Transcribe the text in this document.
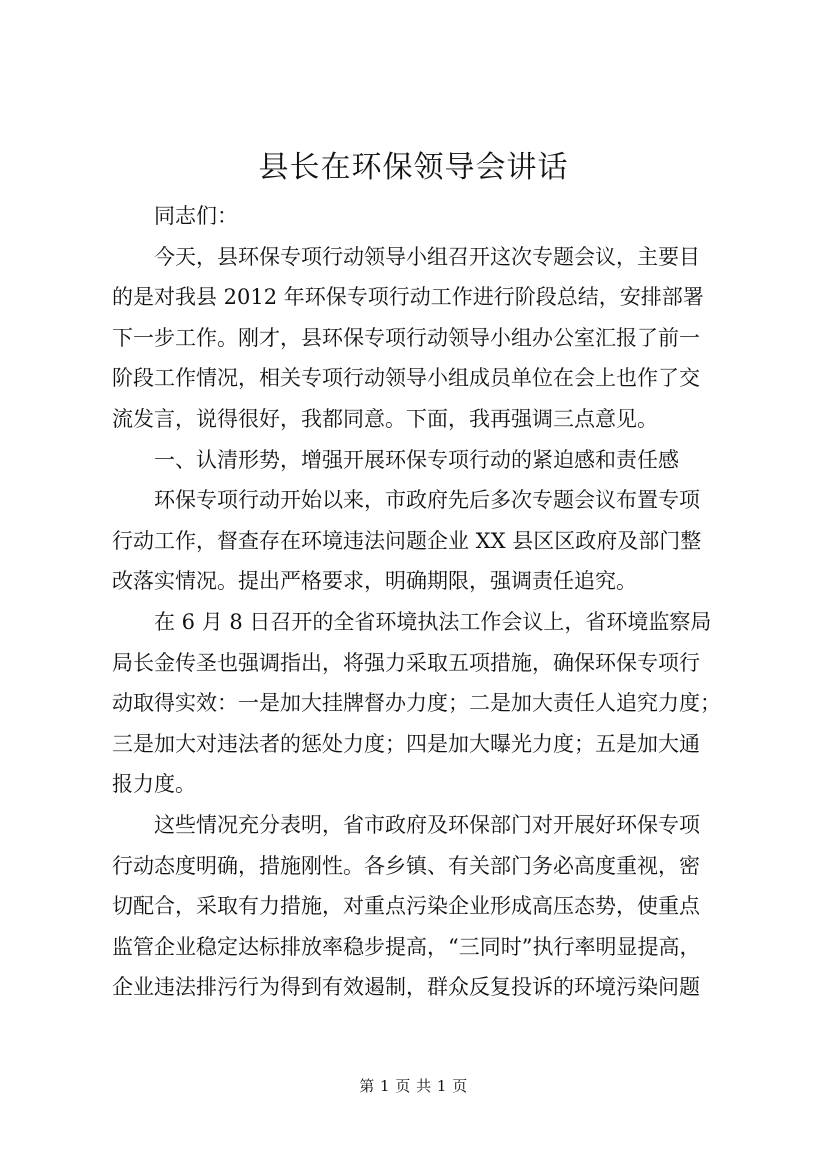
县长在环保领导会讲话

　　同志们：

　　今天，县环保专项行动领导小组召开这次专题会议，主要目

的是对我县 2012 年环保专项行动工作进行阶段总结，安排部署

下一步工作。刚才，县环保专项行动领导小组办公室汇报了前一

阶段工作情况，相关专项行动领导小组成员单位在会上也作了交

流发言，说得很好，我都同意。下面，我再强调三点意见。

　　一、认清形势，增强开展环保专项行动的紧迫感和责任感

　　环保专项行动开始以来，市政府先后多次专题会议布置专项

行动工作，督查存在环境违法问题企业 XX 县区区政府及部门整

改落实情况。提出严格要求，明确期限，强调责任追究。

　　在 6 月 8 日召开的全省环境执法工作会议上，省环境监察局

局长金传圣也强调指出，将强力采取五项措施，确保环保专项行

动取得实效：一是加大挂牌督办力度；二是加大责任人追究力度；

三是加大对违法者的惩处力度；四是加大曝光力度；五是加大通

报力度。

　　这些情况充分表明，省市政府及环保部门对开展好环保专项

行动态度明确，措施刚性。各乡镇、有关部门务必高度重视，密

切配合，采取有力措施，对重点污染企业形成高压态势，使重点

监管企业稳定达标排放率稳步提高，“三同时”执行率明显提高，

企业违法排污行为得到有效遏制，群众反复投诉的环境污染问题

第 1 页 共 1 页
